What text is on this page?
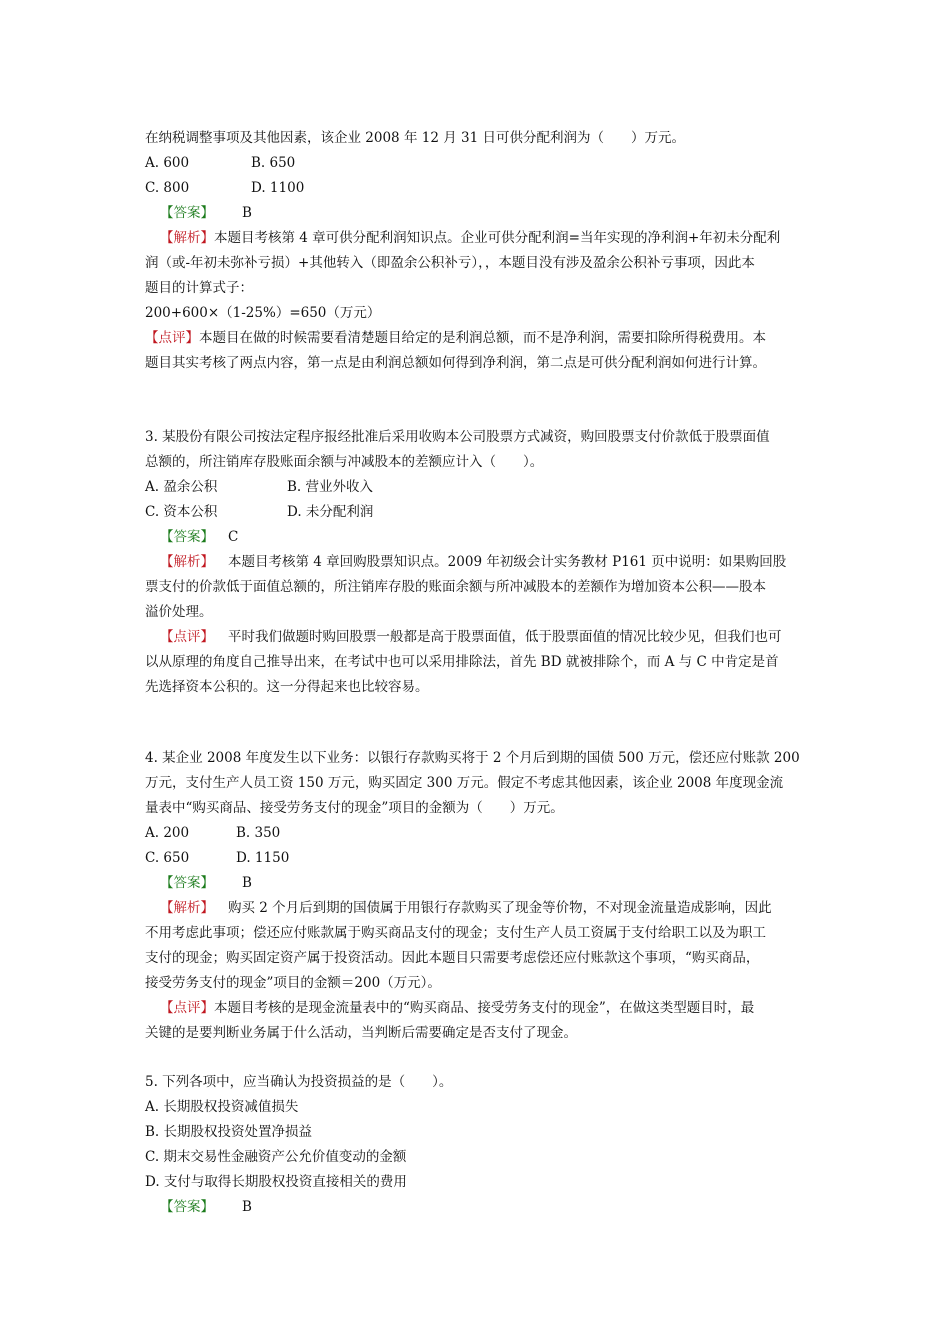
在纳税调整事项及其他因素，该企业 2008 年 12 月 31 日可供分配利润为（　　）万元。
A. 600	B. 650
C. 800	D. 1100
【答案】 B
【解析】本题目考核第 4 章可供分配利润知识点。企业可供分配利润=当年实现的净利润+年初未分配利
润（或-年初未弥补亏损）+其他转入（即盈余公积补亏），，本题目没有涉及盈余公积补亏事项，因此本
题目的计算式子：
200+600×（1-25%）=650（万元）
【点评】本题目在做的时候需要看清楚题目给定的是利润总额，而不是净利润，需要扣除所得税费用。本
题目其实考核了两点内容，第一点是由利润总额如何得到净利润，第二点是可供分配利润如何进行计算。
3. 某股份有限公司按法定程序报经批准后采用收购本公司股票方式减资，购回股票支付价款低于股票面值
总额的，所注销库存股账面余额与冲减股本的差额应计入（　　）。
A. 盈余公积	B. 营业外收入
C. 资本公积	D. 未分配利润
【答案】 C
【解析】 本题目考核第 4 章回购股票知识点。2009 年初级会计实务教材 P161 页中说明：如果购回股
票支付的价款低于面值总额的，所注销库存股的账面余额与所冲减股本的差额作为增加资本公积——股本
溢价处理。
【点评】 平时我们做题时购回股票一般都是高于股票面值，低于股票面值的情况比较少见，但我们也可
以从原理的角度自己推导出来，在考试中也可以采用排除法，首先 BD 就被排除个，而 A 与 C 中肯定是首
先选择资本公积的。这一分得起来也比较容易。
4. 某企业 2008 年度发生以下业务：以银行存款购买将于 2 个月后到期的国债 500 万元，偿还应付账款 200
万元，支付生产人员工资 150 万元，购买固定 300 万元。假定不考虑其他因素，该企业 2008 年度现金流
量表中“购买商品、接受劳务支付的现金”项目的金额为（　　）万元。
A. 200	B. 350
C. 650	D. 1150
【答案】 B
【解析】 购买 2 个月后到期的国债属于用银行存款购买了现金等价物，不对现金流量造成影响，因此
不用考虑此事项；偿还应付账款属于购买商品支付的现金；支付生产人员工资属于支付给职工以及为职工
支付的现金；购买固定资产属于投资活动。因此本题目只需要考虑偿还应付账款这个事项，“购买商品，
接受劳务支付的现金”项目的金额＝200（万元）。
【点评】本题目考核的是现金流量表中的“购买商品、接受劳务支付的现金”，在做这类型题目时，最
关键的是要判断业务属于什么活动，当判断后需要确定是否支付了现金。
5. 下列各项中，应当确认为投资损益的是（　　）。
A. 长期股权投资减值损失
B. 长期股权投资处置净损益
C. 期末交易性金融资产公允价值变动的金额
D. 支付与取得长期股权投资直接相关的费用
【答案】 B
